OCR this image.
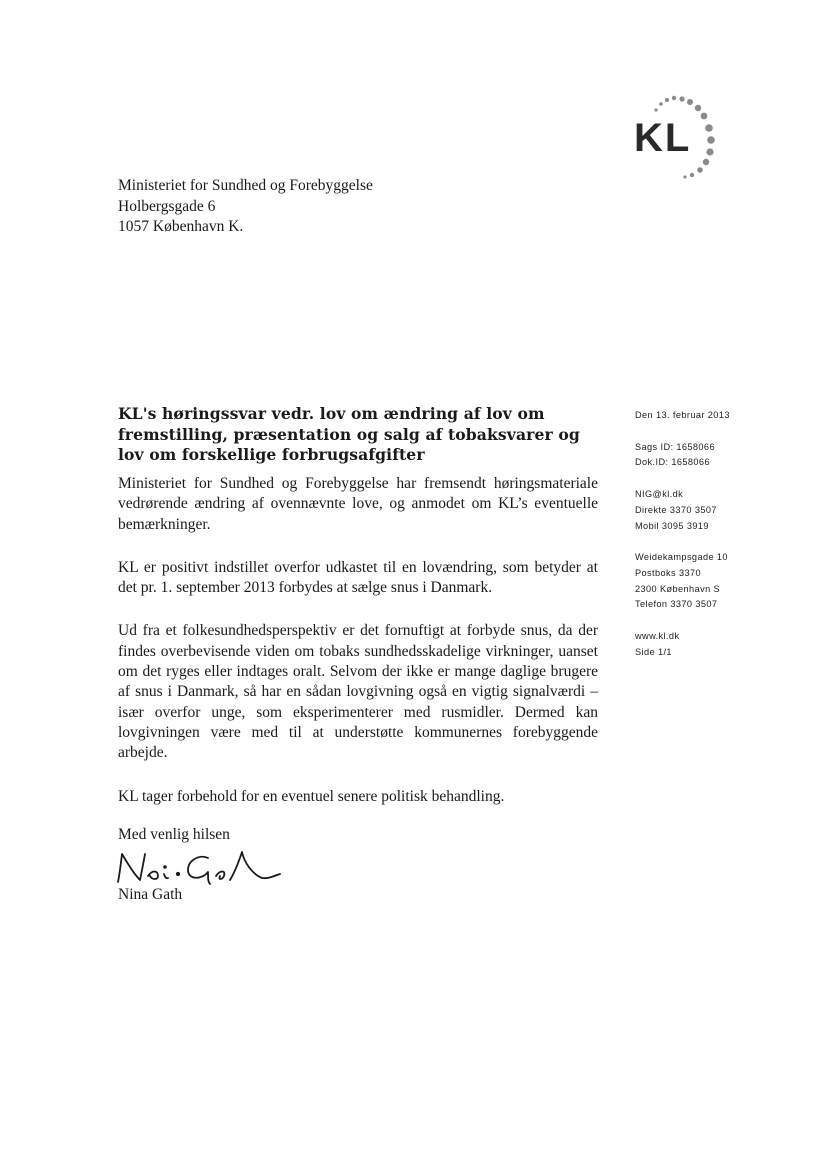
KL
Ministeriet for Sundhed og Forebyggelse
Holbergsgade 6
1057 København K.
KL's høringssvar vedr. lov om ændring af lov om fremstilling, præsentation og salg af tobaksvarer og lov om forskellige forbrugsafgifter

Ministeriet for Sundhed og Forebyggelse har fremsendt høringsmateriale vedrørende ændring af ovennævnte love, og anmodet om KL’s eventuelle bemærkninger.

KL er positivt indstillet overfor udkastet til en lovændring, som betyder at det pr. 1. september 2013 forbydes at sælge snus i Danmark.

Ud fra et folkesundhedsperspektiv er det fornuftigt at forbyde snus, da der findes overbevisende viden om tobaks sundhedsskadelige virkninger, uanset om det ryges eller indtages oralt. Selvom der ikke er mange daglige brugere af snus i Danmark, så har en sådan lovgivning også en vigtig signalværdi – især overfor unge, som eksperimenterer med rusmidler. Dermed kan lovgivningen være med til at understøtte kommunernes forebyggende arbejde.

KL tager forbehold for en eventuel senere politisk behandling.

Med venlig hilsen
Nina Gath
Den 13. februar 2013
Sags ID: 1658066
Dok.ID: 1658066
NIG@kl.dk
Direkte 3370 3507
Mobil 3095 3919
Weidekampsgade 10
Postboks 3370
2300 København S
Telefon 3370 3507
www.kl.dk
Side 1/1
